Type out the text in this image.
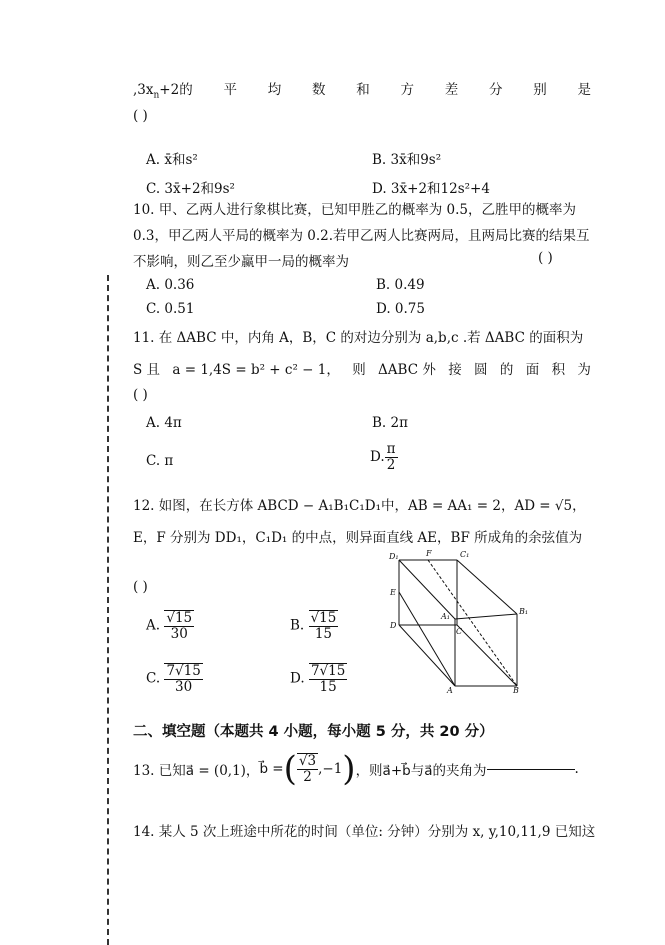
$,3x_n+2$的 平 均 数 和 方 差 分 别 是
( )
A. x̄和s²	B. 3x̄和9s²
C. 3x̄+2和9s²	D. 3x̄+2和12s²+4
10. 甲、乙两人进行象棋比赛，已知甲胜乙的概率为 0.5，乙胜甲的概率为
0.3，甲乙两人平局的概率为 0.2.若甲乙两人比赛两局，且两局比赛的结果互
不影响，则乙至少赢甲一局的概率为	( )
A. 0.36	B. 0.49
C. 0.51	D. 0.75
11. 在 ΔABC 中，内角 A，B，C 的对边分别为 a,b,c .若 ΔABC 的面积为
S 且 a = 1,4S = b² + c² − 1， 则 ΔABC 外 接 圆 的 面 积 为
( )
A. 4π	B. 2π
C. π	D. $\frac{\pi}{2}$
12. 如图，在长方体 ABCD − A₁B₁C₁D₁中，AB = AA₁ = 2，AD = √5，
E，F 分别为 DD₁，C₁D₁ 的中点，则异面直线 AE，BF 所成角的余弦值为
( )
A. $\frac{√15}{30}$	B. $\frac{√15}{15}$
C. $\frac{7√15}{30}$	D. $\frac{7√15}{15}$
D₁	F	C₁
E
A₁
B₁
D
C
A	B
二、填空题（本题共 4 小题，每小题 5 分，共 20 分）
13. 已知 a⃗ = (0,1)， b⃗ = ( $\frac{√3}{2} ,-1$ ) ，则a⃗+b⃗与a⃗的夹角为	.
14. 某人 5 次上班途中所花的时间（单位: 分钟）分别为 x, y,10,11,9 已知这
